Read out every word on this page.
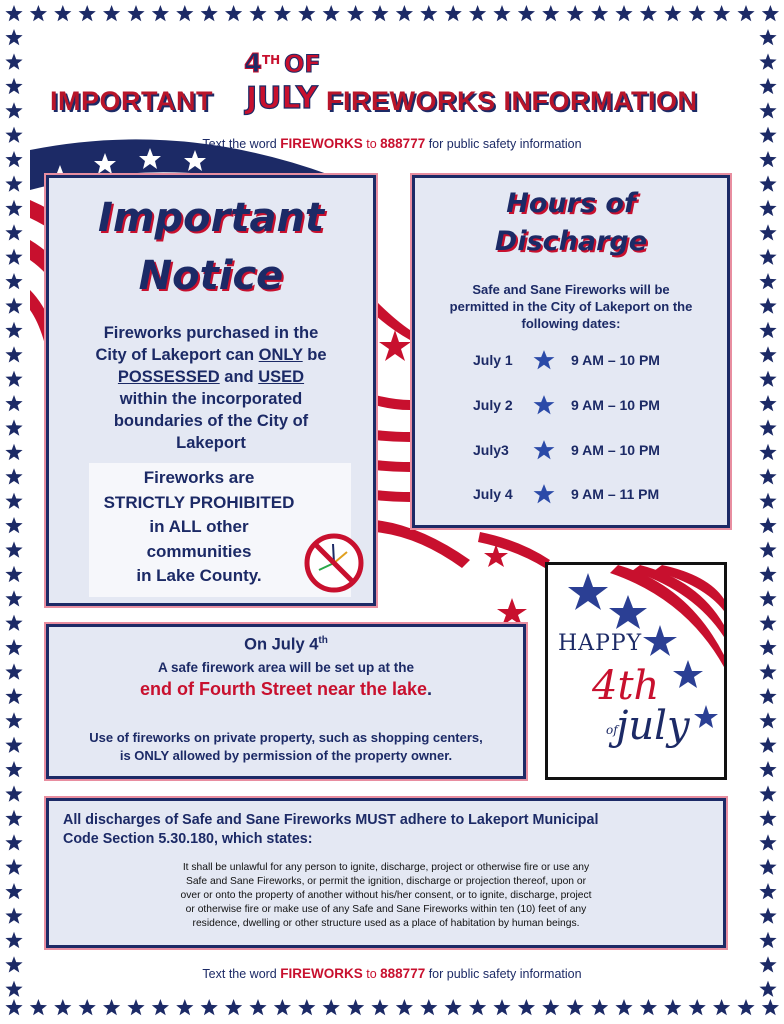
IMPORTANT
4 TH OF
JULY FIREWORKS INFORMATION
Text the word FIREWORKS to 888777 for public safety information
Important
Notice
Fireworks purchased in the
City of Lakeport can ONLY be
POSSESSED and USED
within the incorporated
boundaries of the City of
Lakeport
Fireworks are
STRICTLY PROHIBITED
in ALL other
communities
in Lake County.
Hours of
Discharge
Safe and Sane Fireworks will be
permitted in the City of Lakeport on the
following dates:
July 1	9 AM – 10 PM
July 2	9 AM – 10 PM
July3	9 AM – 10 PM
July 4	9 AM – 11 PM
On July 4th
A safe firework area will be set up at the
end of Fourth Street near the lake.
Use of fireworks on private property, such as shopping centers,
is ONLY allowed by permission of the property owner.
HAPPY
4th
of
july
All discharges of Safe and Sane Fireworks MUST adhere to Lakeport Municipal
Code Section 5.30.180, which states:
It shall be unlawful for any person to ignite, discharge, project or otherwise fire or use any
Safe and Sane Fireworks, or permit the ignition, discharge or projection thereof, upon or
over or onto the property of another without his/her consent, or to ignite, discharge, project
or otherwise fire or make use of any Safe and Sane Fireworks within ten (10) feet of any
residence, dwelling or other structure used as a place of habitation by human beings.
Text the word FIREWORKS to 888777 for public safety information
